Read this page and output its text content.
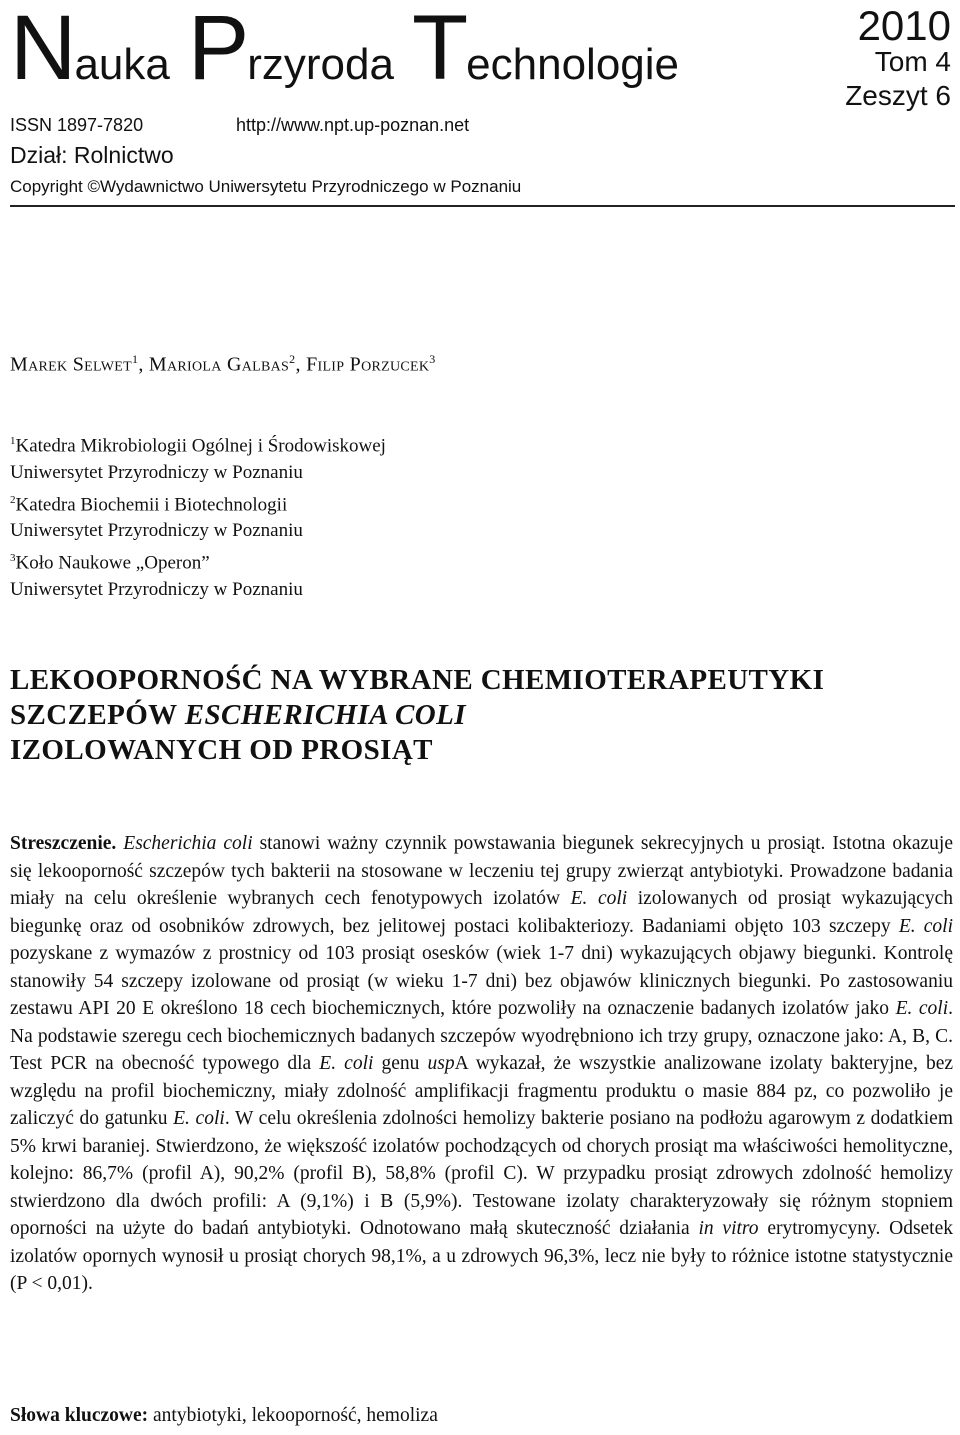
Nauka Przyroda Technologie
2010
Tom 4
Zeszyt 6
ISSN 1897-7820	http://www.npt.up-poznan.net
Dział: Rolnictwo
Copyright ©Wydawnictwo Uniwersytetu Przyrodniczego w Poznaniu
Marek Selwet$^1$, Mariola Galbas$^2$, Filip Porzucek$^3$
$^1$Katedra Mikrobiologii Ogólnej i Środowiskowej
Uniwersytet Przyrodniczy w Poznaniu
$^2$Katedra Biochemii i Biotechnologii
Uniwersytet Przyrodniczy w Poznaniu
$^3$Koło Naukowe „Operon”
Uniwersytet Przyrodniczy w Poznaniu
LEKOOPORNOŚĆ NA WYBRANE CHEMIOTERAPEUTYKI
SZCZEPÓW ESCHERICHIA COLI
IZOLOWANYCH OD PROSIĄT
Streszczenie. Escherichia coli stanowi ważny czynnik powstawania biegunek sekrecyjnych u prosiąt. Istotna okazuje się lekooporność szczepów tych bakterii na stosowane w leczeniu tej grupy zwierząt antybiotyki. Prowadzone badania miały na celu określenie wybranych cech fenotypowych izolatów E. coli izolowanych od prosiąt wykazujących biegunkę oraz od osobników zdrowych, bez jelitowej postaci kolibakteriozy. Badaniami objęto 103 szczepy E. coli pozyskane z wymazów z prostnicy od 103 prosiąt osesków (wiek 1-7 dni) wykazujących objawy biegunki. Kontrolę stanowiły 54 szczepy izolowane od prosiąt (w wieku 1-7 dni) bez objawów klinicznych biegunki. Po zastosowaniu zestawu API 20 E określono 18 cech biochemicznych, które pozwoliły na oznaczenie badanych izolatów jako E. coli. Na podstawie szeregu cech biochemicznych badanych szczepów wyodrębniono ich trzy grupy, oznaczone jako: A, B, C. Test PCR na obecność typowego dla E. coli genu uspA wykazał, że wszystkie analizowane izolaty bakteryjne, bez względu na profil biochemiczny, miały zdolność amplifikacji fragmentu produktu o masie 884 pz, co pozwoliło je zaliczyć do gatunku E. coli. W celu określenia zdolności hemolizy bakterie posiano na podłożu agarowym z dodatkiem 5% krwi baraniej. Stwierdzono, że większość izolatów pochodzących od chorych prosiąt ma właściwości hemolityczne, kolejno: 86,7% (profil A), 90,2% (profil B), 58,8% (profil C). W przypadku prosiąt zdrowych zdolność hemolizy stwierdzono dla dwóch profili: A (9,1%) i B (5,9%). Testowane izolaty charakteryzowały się różnym stopniem oporności na użyte do badań antybiotyki. Odnotowano małą skuteczność działania in vitro erytromycyny. Odsetek izolatów opornych wynosił u prosiąt chorych 98,1%, a u zdrowych 96,3%, lecz nie były to różnice istotne statystycznie (P < 0,01).
Słowa kluczowe: antybiotyki, lekooporność, hemoliza
